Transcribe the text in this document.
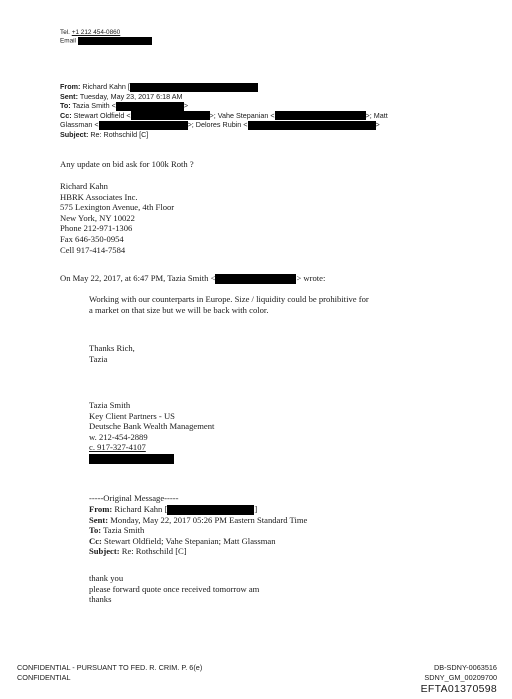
Tel. +1 212 454-0860
Email
From: Richard Kahn [
Sent: Tuesday, May 23, 2017 6:18 AM
To: Tazia Smith <	>
Cc: Stewart Oldfield <	>; Vahe Stepanian <	>; Matt
Glassman <	>; Delores Rubin <	>
Subject: Re: Rothschild [C]
Any update on bid ask for 100k Roth ?
Richard Kahn
HBRK Associates Inc.
575 Lexington Avenue, 4th Floor
New York, NY 10022
Phone 212-971-1306
Fax 646-350-0954
Cell 917-414-7584
On May 22, 2017, at 6:47 PM, Tazia Smith <	> wrote:
Working with our counterparts in Europe. Size / liquidity could be prohibitive for
a market on that size but we will be back with color.
Thanks Rich,
Tazia
Tazia Smith
Key Client Partners - US
Deutsche Bank Wealth Management
w. 212-454-2889
c. 917-327-4107
-----Original Message-----
From: Richard Kahn [	]
Sent: Monday, May 22, 2017 05:26 PM Eastern Standard Time
To: Tazia Smith
Cc: Stewart Oldfield; Vahe Stepanian; Matt Glassman
Subject: Re: Rothschild [C]
thank you
please forward quote once received tomorrow am
thanks
CONFIDENTIAL - PURSUANT TO FED. R. CRIM. P. 6(e)
CONFIDENTIAL
DB-SDNY-0063516
SDNY_GM_00209700
EFTA01370598
